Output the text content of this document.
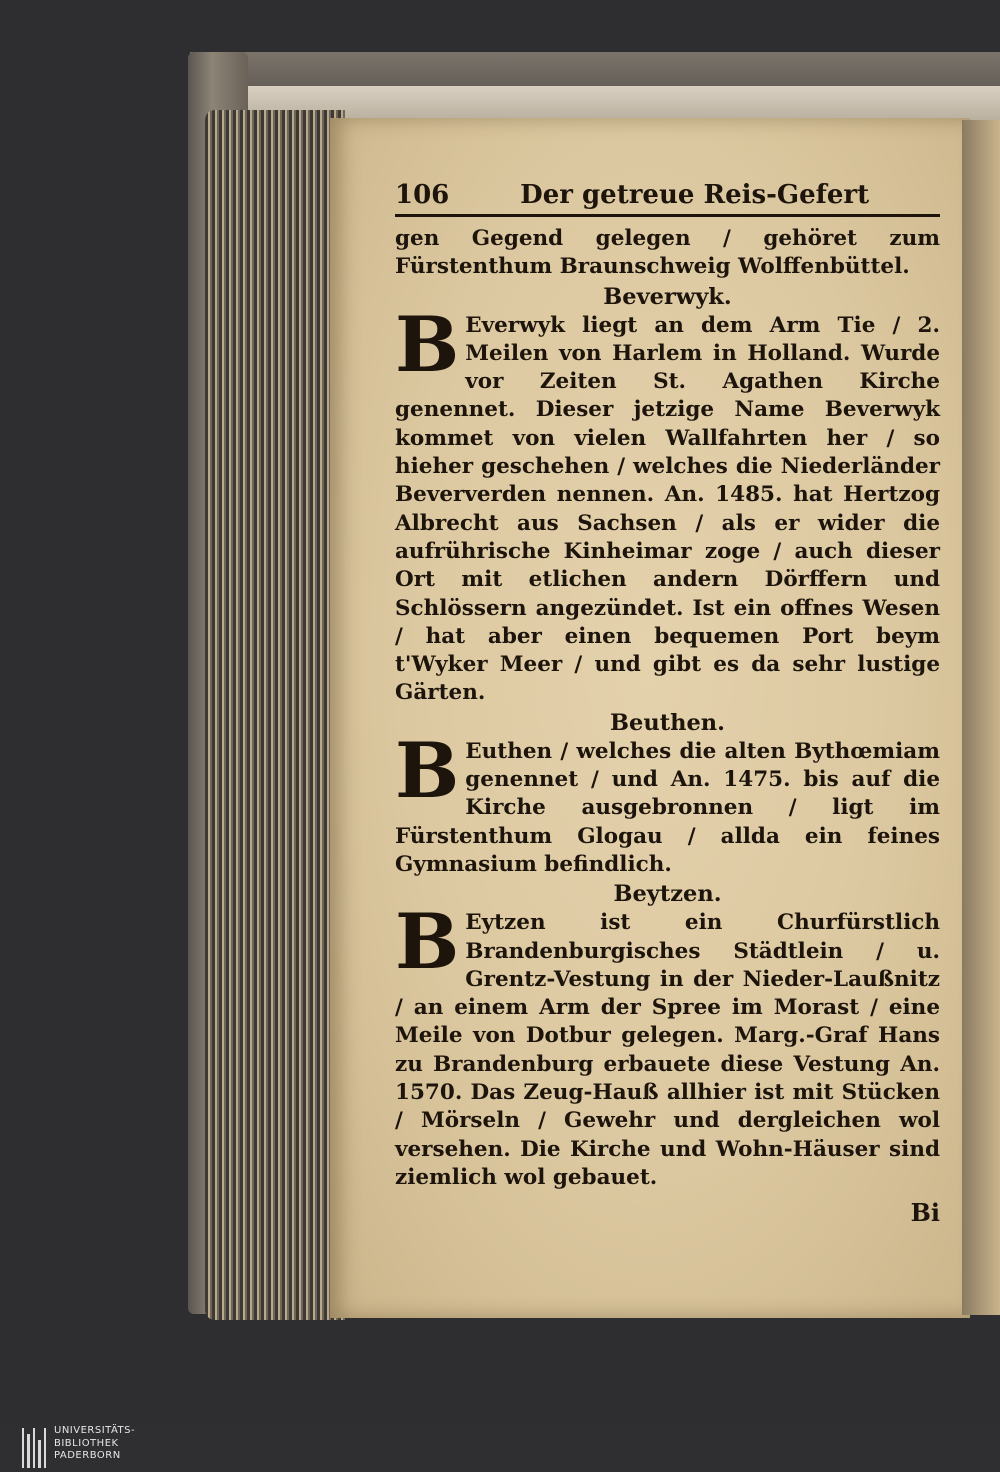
106	Der getreue Reis-Gefert

gen Gegend gelegen / gehöret zum Fürstenthum Braunschweig Wolffenbüttel.

Beverwyk.

B Everwyk liegt an dem Arm Tie / 2. Meilen von Harlem in Holland. Wurde vor Zeiten St. Agathen Kirche genennet. Dieser jetzige Name Beverwyk kommet von vielen Wallfahrten her / so hieher geschehen / welches die Niederländer Beververden nennen. An. 1485. hat Hertzog Albrecht aus Sachsen / als er wider die aufrührische Kinheimar zoge / auch dieser Ort mit etlichen andern Dörffern und Schlössern angezündet. Ist ein offnes Wesen / hat aber einen bequemen Port beym t'Wyker Meer / und gibt es da sehr lustige Gärten.

Beuthen.

B Euthen / welches die alten Bythœmiam genennet / und An. 1475. bis auf die Kirche ausgebronnen / ligt im Fürstenthum Glogau / allda ein feines Gymnasium befindlich.

Beytzen.

B Eytzen ist ein Churfürstlich Brandenburgisches Städtlein / u. Grentz-Vestung in der Nieder-Laußnitz / an einem Arm der Spree im Morast / eine Meile von Dotbur gelegen. Marg.-Graf Hans zu Brandenburg erbauete diese Vestung An. 1570. Das Zeug-Hauß allhier ist mit Stücken / Mörseln / Gewehr und dergleichen wol versehen. Die Kirche und Wohn-Häuser sind ziemlich wol gebauet.

Bi
UNIVERSITÄTS-
BIBLIOTHEK
PADERBORN
